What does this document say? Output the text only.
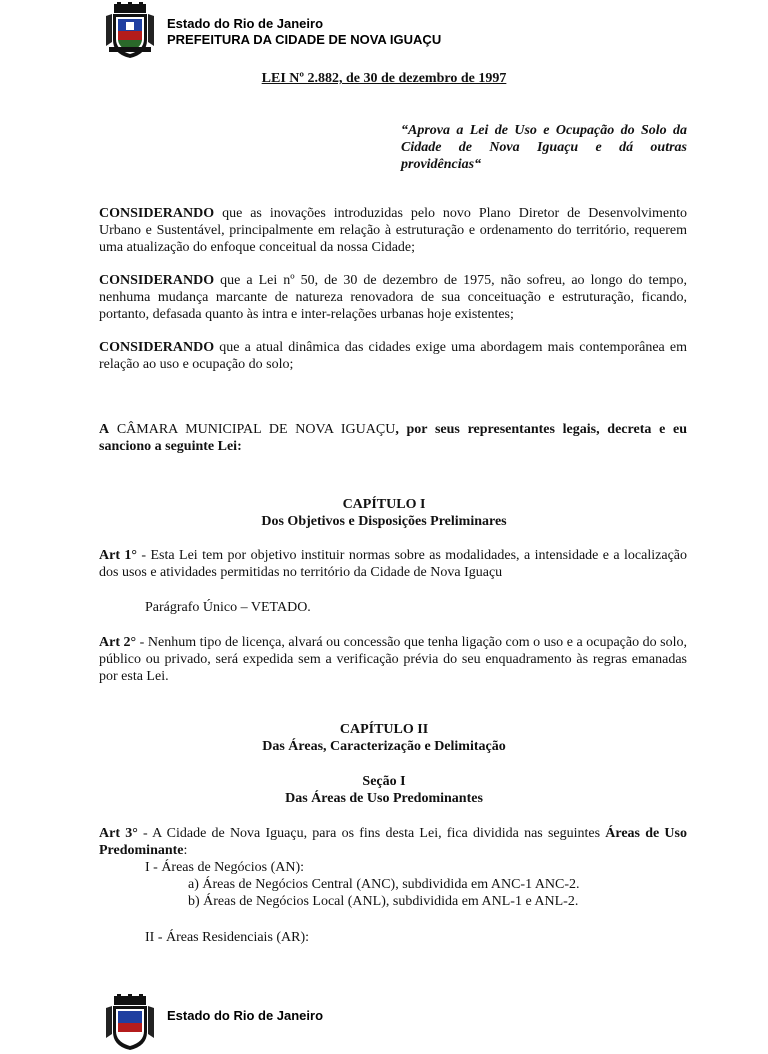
Estado do Rio de Janeiro
PREFEITURA DA CIDADE DE NOVA IGUAÇU
LEI Nº 2.882, de 30 de dezembro de 1997
“Aprova a Lei de Uso e Ocupação do Solo da Cidade de Nova Iguaçu e dá outras providências“
CONSIDERANDO que as inovações introduzidas pelo novo Plano Diretor de Desenvolvimento Urbano e Sustentável, principalmente em relação à estruturação e ordenamento do território, requerem uma atualização do enfoque conceitual da nossa Cidade;
CONSIDERANDO que a Lei nº 50, de 30 de dezembro de 1975, não sofreu, ao longo do tempo, nenhuma mudança marcante de natureza renovadora de sua conceituação e estruturação, ficando, portanto, defasada quanto às intra e inter-relações urbanas hoje existentes;
CONSIDERANDO que a atual dinâmica das cidades exige uma abordagem mais contemporânea em relação ao uso e ocupação do solo;
A CÂMARA MUNICIPAL DE NOVA IGUAÇU, por seus representantes legais, decreta e eu sanciono a seguinte Lei:
CAPÍTULO I
Dos Objetivos e Disposições Preliminares
Art 1° - Esta Lei tem por objetivo instituir normas sobre as modalidades, a intensidade e a localização dos usos e atividades permitidas no território da Cidade de Nova Iguaçu
Parágrafo Único – VETADO.
Art 2° - Nenhum tipo de licença, alvará ou concessão que tenha ligação com o uso e a ocupação do solo, público ou privado, será expedida sem a verificação prévia do seu enquadramento às regras emanadas por esta Lei.
CAPÍTULO II
Das Áreas, Caracterização e Delimitação
Seção I
Das Áreas de Uso Predominantes
Art 3° - A Cidade de Nova Iguaçu, para os fins desta Lei, fica dividida nas seguintes Áreas de Uso Predominante:
I - Áreas de Negócios (AN):
a) Áreas de Negócios Central (ANC), subdividida em ANC-1 ANC-2.
b) Áreas de Negócios Local (ANL), subdividida em ANL-1 e ANL-2.
II - Áreas Residenciais (AR):
Estado do Rio de Janeiro
